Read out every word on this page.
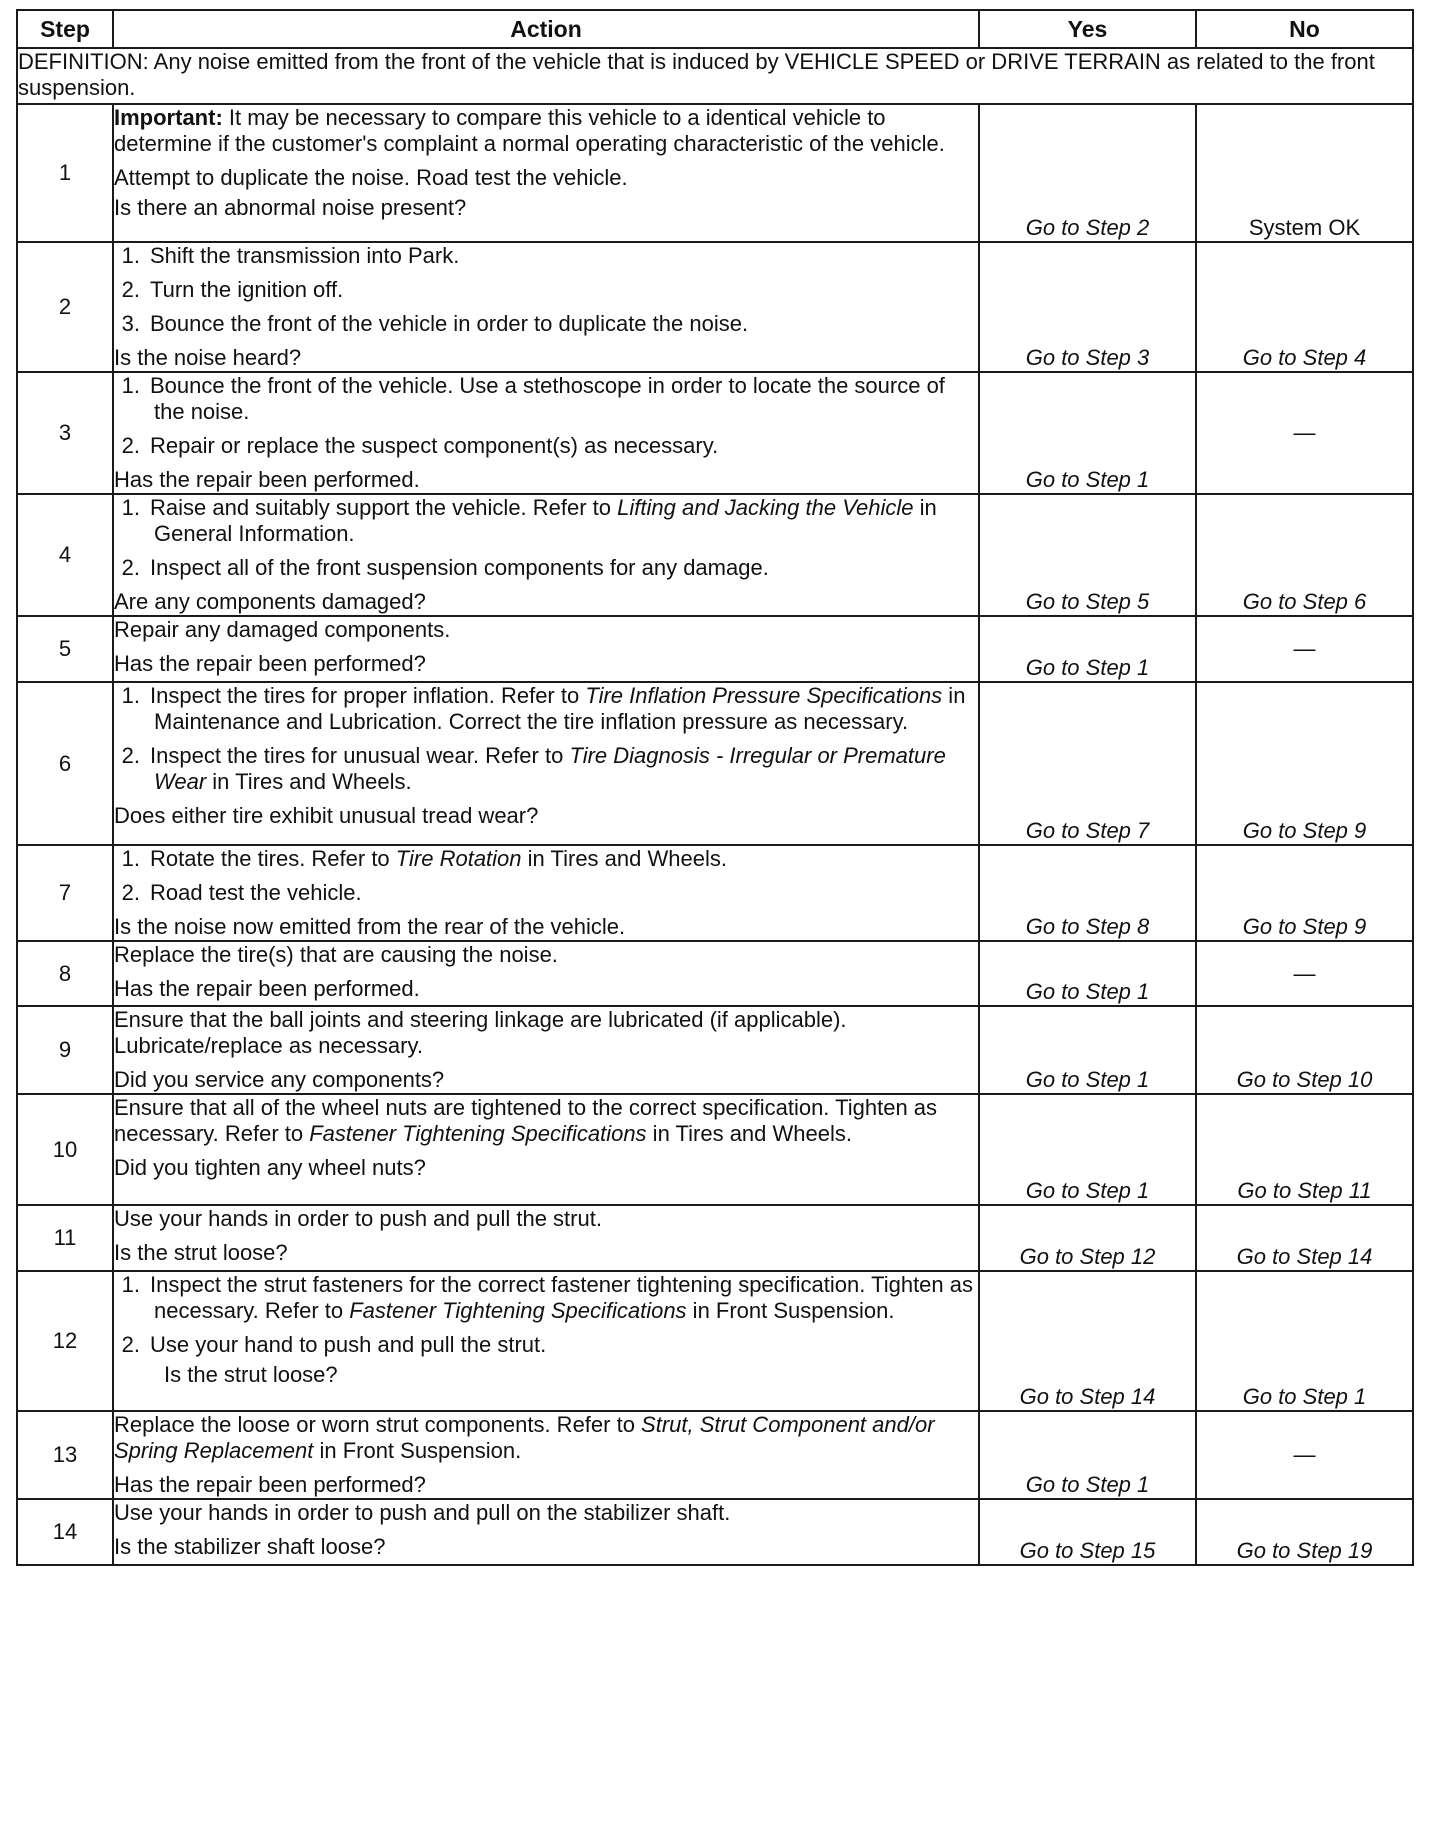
Step	Action	Yes	No
DEFINITION: Any noise emitted from the front of the vehicle that is induced by VEHICLE SPEED or DRIVE TERRAIN as related to the front suspension.			
1	Important: It may be necessary to compare this vehicle to a identical vehicle to determine if the customer's complaint a normal operating characteristic of the vehicle.
Attempt to duplicate the noise. Road test the vehicle.
Is there an abnormal noise present?	Go to Step 2	System OK
2	1. Shift the transmission into Park.
2. Turn the ignition off.
3. Bounce the front of the vehicle in order to duplicate the noise.
Is the noise heard?	Go to Step 3	Go to Step 4
3	1. Bounce the front of the vehicle. Use a stethoscope in order to locate the source of the noise.
2. Repair or replace the suspect component(s) as necessary.
Has the repair been performed.	Go to Step 1	—
4	1. Raise and suitably support the vehicle. Refer to Lifting and Jacking the Vehicle in General Information.
2. Inspect all of the front suspension components for any damage.
Are any components damaged?	Go to Step 5	Go to Step 6
5	Repair any damaged components.
Has the repair been performed?	Go to Step 1	—
6	1. Inspect the tires for proper inflation. Refer to Tire Inflation Pressure Specifications in Maintenance and Lubrication. Correct the tire inflation pressure as necessary.
2. Inspect the tires for unusual wear. Refer to Tire Diagnosis - Irregular or Premature Wear in Tires and Wheels.
Does either tire exhibit unusual tread wear?	Go to Step 7	Go to Step 9
7	1. Rotate the tires. Refer to Tire Rotation in Tires and Wheels.
2. Road test the vehicle.
Is the noise now emitted from the rear of the vehicle.	Go to Step 8	Go to Step 9
8	Replace the tire(s) that are causing the noise.
Has the repair been performed.	Go to Step 1	—
9	Ensure that the ball joints and steering linkage are lubricated (if applicable). Lubricate/replace as necessary.
Did you service any components?	Go to Step 1	Go to Step 10
10	Ensure that all of the wheel nuts are tightened to the correct specification. Tighten as necessary. Refer to Fastener Tightening Specifications in Tires and Wheels.
Did you tighten any wheel nuts?	Go to Step 1	Go to Step 11
11	Use your hands in order to push and pull the strut.
Is the strut loose?	Go to Step 12	Go to Step 14
12	1. Inspect the strut fasteners for the correct fastener tightening specification. Tighten as necessary. Refer to Fastener Tightening Specifications in Front Suspension.
2. Use your hand to push and pull the strut.
Is the strut loose?	Go to Step 14	Go to Step 1
13	Replace the loose or worn strut components. Refer to Strut, Strut Component and/or Spring Replacement in Front Suspension.
Has the repair been performed?	Go to Step 1	—
14	Use your hands in order to push and pull on the stabilizer shaft.
Is the stabilizer shaft loose?	Go to Step 15	Go to Step 19
